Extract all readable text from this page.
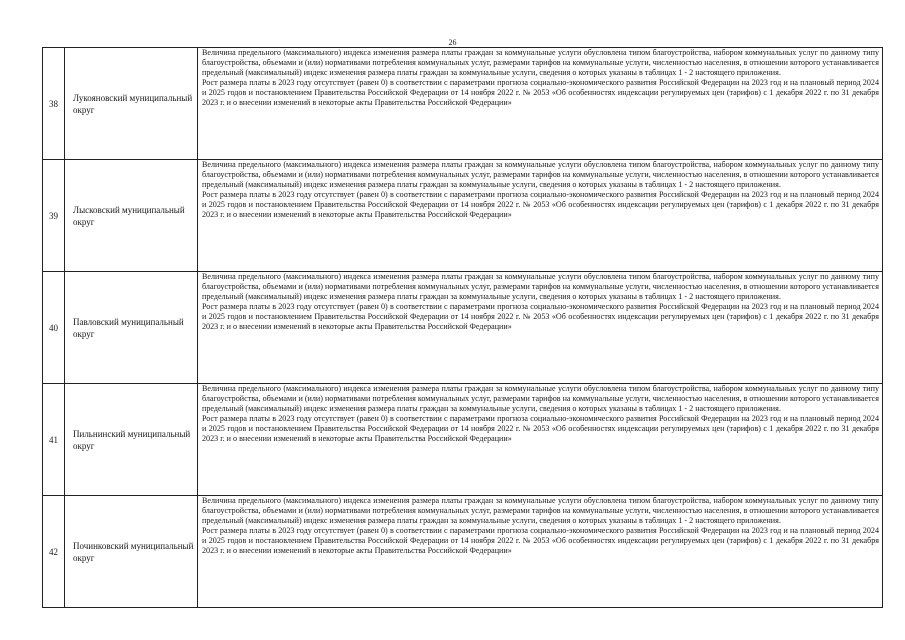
26
38	Лукояновский муниципальный округ	Величина предельного (максимального) индекса изменения размера платы граждан за коммунальные услуги обусловлена типом благоустройства, набором коммунальных услуг по данному типу благоустройства, объемами и (или) нормативами потребления коммунальных услуг, размерами тарифов на коммунальные услуги, численностью населения, в отношении которого устанавливается предельный (максимальный) индекс изменения размера платы граждан за коммунальные услуги, сведения о которых указаны в таблицах 1 - 2 настоящего приложения.

Рост размера платы в 2023 году отсутствует (равен 0) в соответствии с параметрами прогноза социально-экономического развития Российской Федерации на 2023 год и на плановый период 2024 и 2025 годов и постановлением Правительства Российской Федерации от 14 ноября 2022 г. № 2053 «Об особенностях индексации регулируемых цен (тарифов) с 1 декабря 2022 г. по 31 декабря 2023 г. и о внесении изменений в некоторые акты Правительства Российской Федерации»

39	Лысковский муниципальный округ	Величина предельного (максимального) индекса изменения размера платы граждан за коммунальные услуги обусловлена типом благоустройства, набором коммунальных услуг по данному типу благоустройства, объемами и (или) нормативами потребления коммунальных услуг, размерами тарифов на коммунальные услуги, численностью населения, в отношении которого устанавливается предельный (максимальный) индекс изменения размера платы граждан за коммунальные услуги, сведения о которых указаны в таблицах 1 - 2 настоящего приложения.

Рост размера платы в 2023 году отсутствует (равен 0) в соответствии с параметрами прогноза социально-экономического развития Российской Федерации на 2023 год и на плановый период 2024 и 2025 годов и постановлением Правительства Российской Федерации от 14 ноября 2022 г. № 2053 «Об особенностях индексации регулируемых цен (тарифов) с 1 декабря 2022 г. по 31 декабря 2023 г. и о внесении изменений в некоторые акты Правительства Российской Федерации»

40	Павловский муниципальный округ	Величина предельного (максимального) индекса изменения размера платы граждан за коммунальные услуги обусловлена типом благоустройства, набором коммунальных услуг по данному типу благоустройства, объемами и (или) нормативами потребления коммунальных услуг, размерами тарифов на коммунальные услуги, численностью населения, в отношении которого устанавливается предельный (максимальный) индекс изменения размера платы граждан за коммунальные услуги, сведения о которых указаны в таблицах 1 - 2 настоящего приложения.

Рост размера платы в 2023 году отсутствует (равен 0) в соответствии с параметрами прогноза социально-экономического развития Российской Федерации на 2023 год и на плановый период 2024 и 2025 годов и постановлением Правительства Российской Федерации от 14 ноября 2022 г. № 2053 «Об особенностях индексации регулируемых цен (тарифов) с 1 декабря 2022 г. по 31 декабря 2023 г. и о внесении изменений в некоторые акты Правительства Российской Федерации»

41	Пильнинский муниципальный округ	Величина предельного (максимального) индекса изменения размера платы граждан за коммунальные услуги обусловлена типом благоустройства, набором коммунальных услуг по данному типу благоустройства, объемами и (или) нормативами потребления коммунальных услуг, размерами тарифов на коммунальные услуги, численностью населения, в отношении которого устанавливается предельный (максимальный) индекс изменения размера платы граждан за коммунальные услуги, сведения о которых указаны в таблицах 1 - 2 настоящего приложения.

Рост размера платы в 2023 году отсутствует (равен 0) в соответствии с параметрами прогноза социально-экономического развития Российской Федерации на 2023 год и на плановый период 2024 и 2025 годов и постановлением Правительства Российской Федерации от 14 ноября 2022 г. № 2053 «Об особенностях индексации регулируемых цен (тарифов) с 1 декабря 2022 г. по 31 декабря 2023 г. и о внесении изменений в некоторые акты Правительства Российской Федерации»

42	Починковский муниципальный округ	Величина предельного (максимального) индекса изменения размера платы граждан за коммунальные услуги обусловлена типом благоустройства, набором коммунальных услуг по данному типу благоустройства, объемами и (или) нормативами потребления коммунальных услуг, размерами тарифов на коммунальные услуги, численностью населения, в отношении которого устанавливается предельный (максимальный) индекс изменения размера платы граждан за коммунальные услуги, сведения о которых указаны в таблицах 1 - 2 настоящего приложения.

Рост размера платы в 2023 году отсутствует (равен 0) в соответствии с параметрами прогноза социально-экономического развития Российской Федерации на 2023 год и на плановый период 2024 и 2025 годов и постановлением Правительства Российской Федерации от 14 ноября 2022 г. № 2053 «Об особенностях индексации регулируемых цен (тарифов) с 1 декабря 2022 г. по 31 декабря 2023 г. и о внесении изменений в некоторые акты Правительства Российской Федерации»
